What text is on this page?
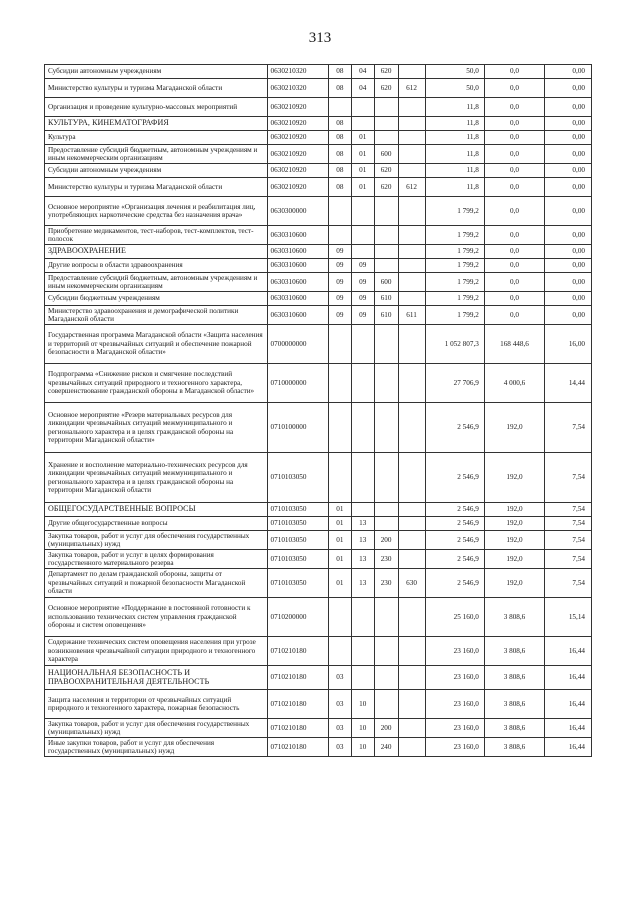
313
Субсидии автономным учреждениям	0630210320	08	04	620		50,0	0,0	0,00
Министерство культуры и туризма Магаданской области	0630210320	08	04	620	612	50,0	0,0	0,00
Организация и проведение культурно-массовых мероприятий	0630210920					11,8	0,0	0,00
КУЛЬТУРА, КИНЕМАТОГРАФИЯ	0630210920	08				11,8	0,0	0,00
Культура	0630210920	08	01			11,8	0,0	0,00
Предоставление субсидий бюджетным, автономным учреждениям и иным некоммерческим организациям	0630210920	08	01	600		11,8	0,0	0,00
Субсидии автономным учреждениям	0630210920	08	01	620		11,8	0,0	0,00
Министерство культуры и туризма Магаданской области	0630210920	08	01	620	612	11,8	0,0	0,00
Основное мероприятие «Организация лечения и реабилитация лиц, употребляющих наркотические средства без назначения врача»	0630300000					1 799,2	0,0	0,00
Приобретение медикаментов, тест-наборов, тест-комплектов, тест-полосок	0630310600					1 799,2	0,0	0,00
ЗДРАВООХРАНЕНИЕ	0630310600	09				1 799,2	0,0	0,00
Другие вопросы в области здравоохранения	0630310600	09	09			1 799,2	0,0	0,00
Предоставление субсидий бюджетным, автономным учреждениям и иным некоммерческим организациям	0630310600	09	09	600		1 799,2	0,0	0,00
Субсидии бюджетным учреждениям	0630310600	09	09	610		1 799,2	0,0	0,00
Министерство здравоохранения и демографической политики Магаданской области	0630310600	09	09	610	611	1 799,2	0,0	0,00
Государственная программа Магаданской области «Защита населения и территорий от чрезвычайных ситуаций и обеспечение пожарной безопасности в Магаданской области»	0700000000					1 052 807,3	168 448,6	16,00
Подпрограмма «Снижение рисков и смягчение последствий чрезвычайных ситуаций природного и техногенного характера, совершенствование гражданской обороны в Магаданской области»	0710000000					27 706,9	4 000,6	14,44
Основное мероприятие «Резерв материальных ресурсов для ликвидации чрезвычайных ситуаций межмуниципального и регионального характера и в целях гражданской обороны на территории Магаданской области»	0710100000					2 546,9	192,0	7,54
Хранение и восполнение материально-технических ресурсов для ликвидации чрезвычайных ситуаций межмуниципального и регионального характера и в целях гражданской обороны на территории Магаданской области	0710103050					2 546,9	192,0	7,54
ОБЩЕГОСУДАРСТВЕННЫЕ ВОПРОСЫ	0710103050	01				2 546,9	192,0	7,54
Другие общегосударственные вопросы	0710103050	01	13			2 546,9	192,0	7,54
Закупка товаров, работ и услуг для обеспечения государственных (муниципальных) нужд	0710103050	01	13	200		2 546,9	192,0	7,54
Закупка товаров, работ и услуг в целях формирования государственного материального резерва	0710103050	01	13	230		2 546,9	192,0	7,54
Департамент по делам гражданской обороны, защиты от чрезвычайных ситуаций и пожарной безопасности Магаданской области	0710103050	01	13	230	630	2 546,9	192,0	7,54
Основное мероприятие «Поддержание в постоянной готовности к использованию технических систем управления гражданской обороны и систем оповещения»	0710200000					25 160,0	3 808,6	15,14
Содержание технических систем оповещения населения при угрозе возникновения чрезвычайной ситуации природного и техногенного характера	0710210180					23 160,0	3 808,6	16,44
НАЦИОНАЛЬНАЯ БЕЗОПАСНОСТЬ И ПРАВООХРАНИТЕЛЬНАЯ ДЕЯТЕЛЬНОСТЬ	0710210180	03				23 160,0	3 808,6	16,44
Защита населения и территории от чрезвычайных ситуаций природного и техногенного характера, пожарная безопасность	0710210180	03	10			23 160,0	3 808,6	16,44
Закупка товаров, работ и услуг для обеспечения государственных (муниципальных) нужд	0710210180	03	10	200		23 160,0	3 808,6	16,44
Иные закупки товаров, работ и услуг для обеспечения государственных (муниципальных) нужд	0710210180	03	10	240		23 160,0	3 808,6	16,44
